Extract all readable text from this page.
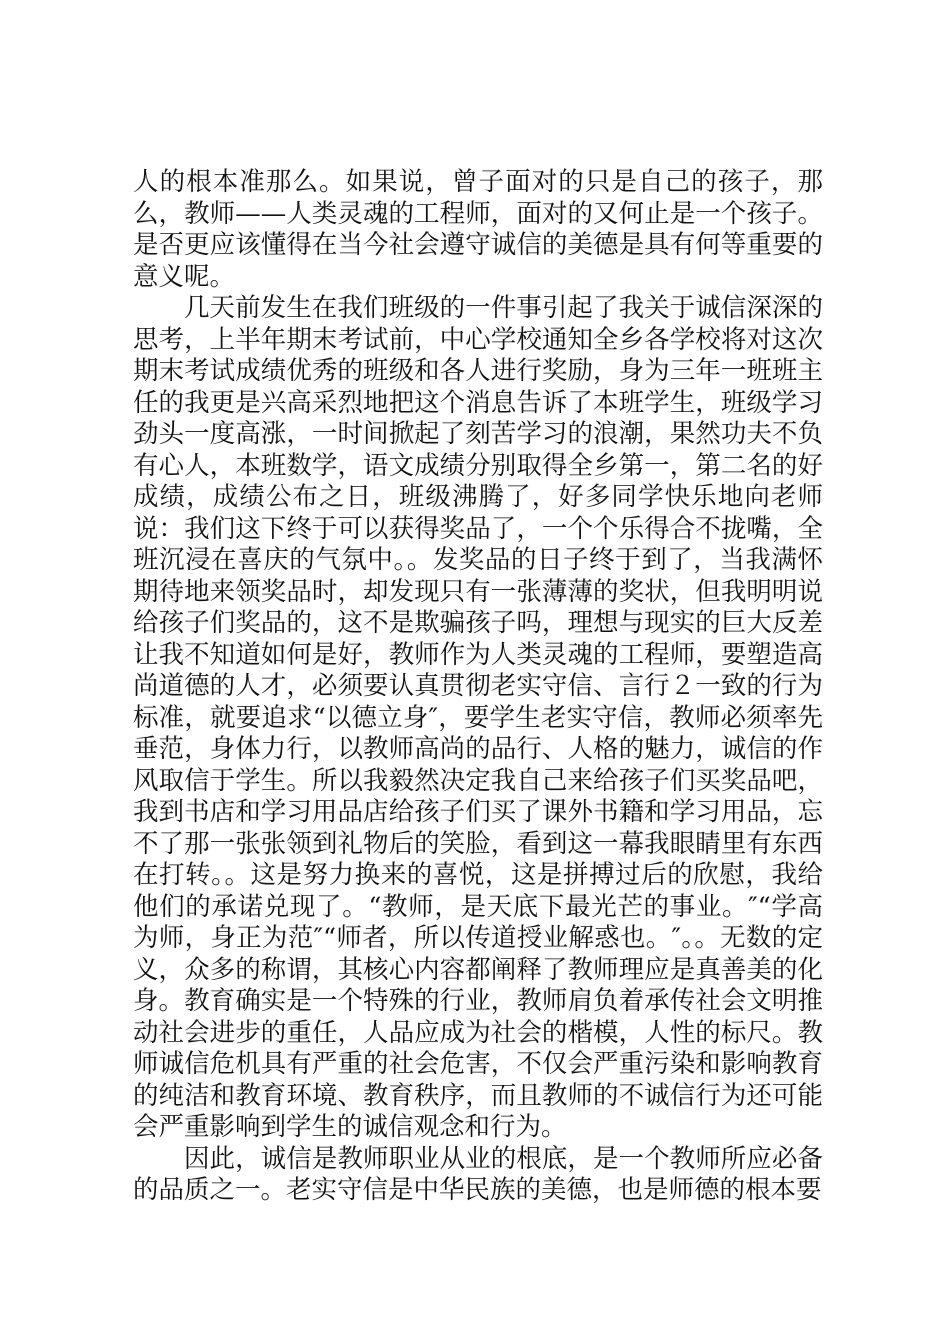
人的根本准那么。如果说，曾子面对的只是自己的孩子，那么，教师——人类灵魂的工程师，面对的又何止是一个孩子。是否更应该懂得在当今社会遵守诚信的美德是具有何等重要的意义呢。

几天前发生在我们班级的一件事引起了我关于诚信深深的思考，上半年期末考试前，中心学校通知全乡各学校将对这次期末考试成绩优秀的班级和各人进行奖励，身为三年一班班主任的我更是兴高采烈地把这个消息告诉了本班学生，班级学习劲头一度高涨，一时间掀起了刻苦学习的浪潮，果然功夫不负有心人，本班数学，语文成绩分别取得全乡第一，第二名的好成绩，成绩公布之日，班级沸腾了，好多同学快乐地向老师说：我们这下终于可以获得奖品了，一个个乐得合不拢嘴，全班沉浸在喜庆的气氛中。。发奖品的日子终于到了，当我满怀期待地来领奖品时，却发现只有一张薄薄的奖状，但我明明说给孩子们奖品的，这不是欺骗孩子吗，理想与现实的巨大反差让我不知道如何是好，教师作为人类灵魂的工程师，要塑造高尚道德的人才，必须要认真贯彻老实守信、言行２一致的行为标准，就要追求“以德立身″，要学生老实守信，教师必须率先垂范，身体力行，以教师高尚的品行、人格的魅力，诚信的作风取信于学生。所以我毅然决定我自己来给孩子们买奖品吧，我到书店和学习用品店给孩子们买了课外书籍和学习用品，忘不了那一张张领到礼物后的笑脸，看到这一幕我眼睛里有东西在打转。。这是努力换来的喜悦，这是拼搏过后的欣慰，我给他们的承诺兑现了。“教师，是天底下最光芒的事业。″“学高为师，身正为范″“师者，所以传道授业解惑也。″。。无数的定义，众多的称谓，其核心内容都阐释了教师理应是真善美的化身。教育确实是一个特殊的行业，教师肩负着承传社会文明推动社会进步的重任，人品应成为社会的楷模，人性的标尺。教师诚信危机具有严重的社会危害，不仅会严重污染和影响教育的纯洁和教育环境、教育秩序，而且教师的不诚信行为还可能会严重影响到学生的诚信观念和行为。

因此，诚信是教师职业从业的根底，是一个教师所应必备的品质之一。老实守信是中华民族的美德，也是师德的根本要
